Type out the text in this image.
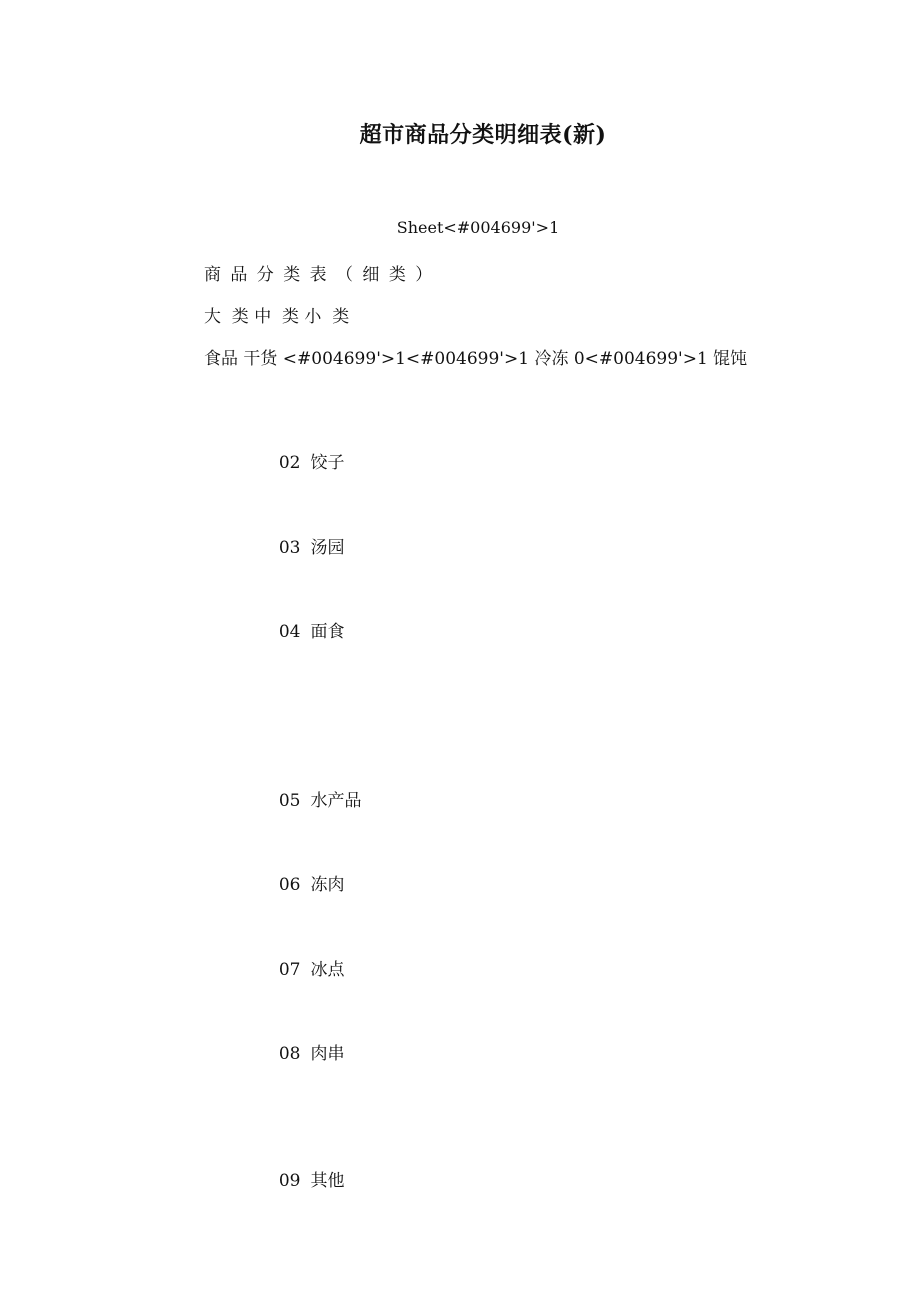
超市商品分类明细表(新)
Sheet<#004699'>1
商 品 分 类 表 （ 细 类 ）
大  类 中  类 小  类
食品 干货 <#004699'>1<#004699'>1 冷冻 0<#004699'>1 馄饨

02 饺子

03 汤园

04 面食

05 水产品

06 冻肉

07 冰点

08 肉串

09 其他
